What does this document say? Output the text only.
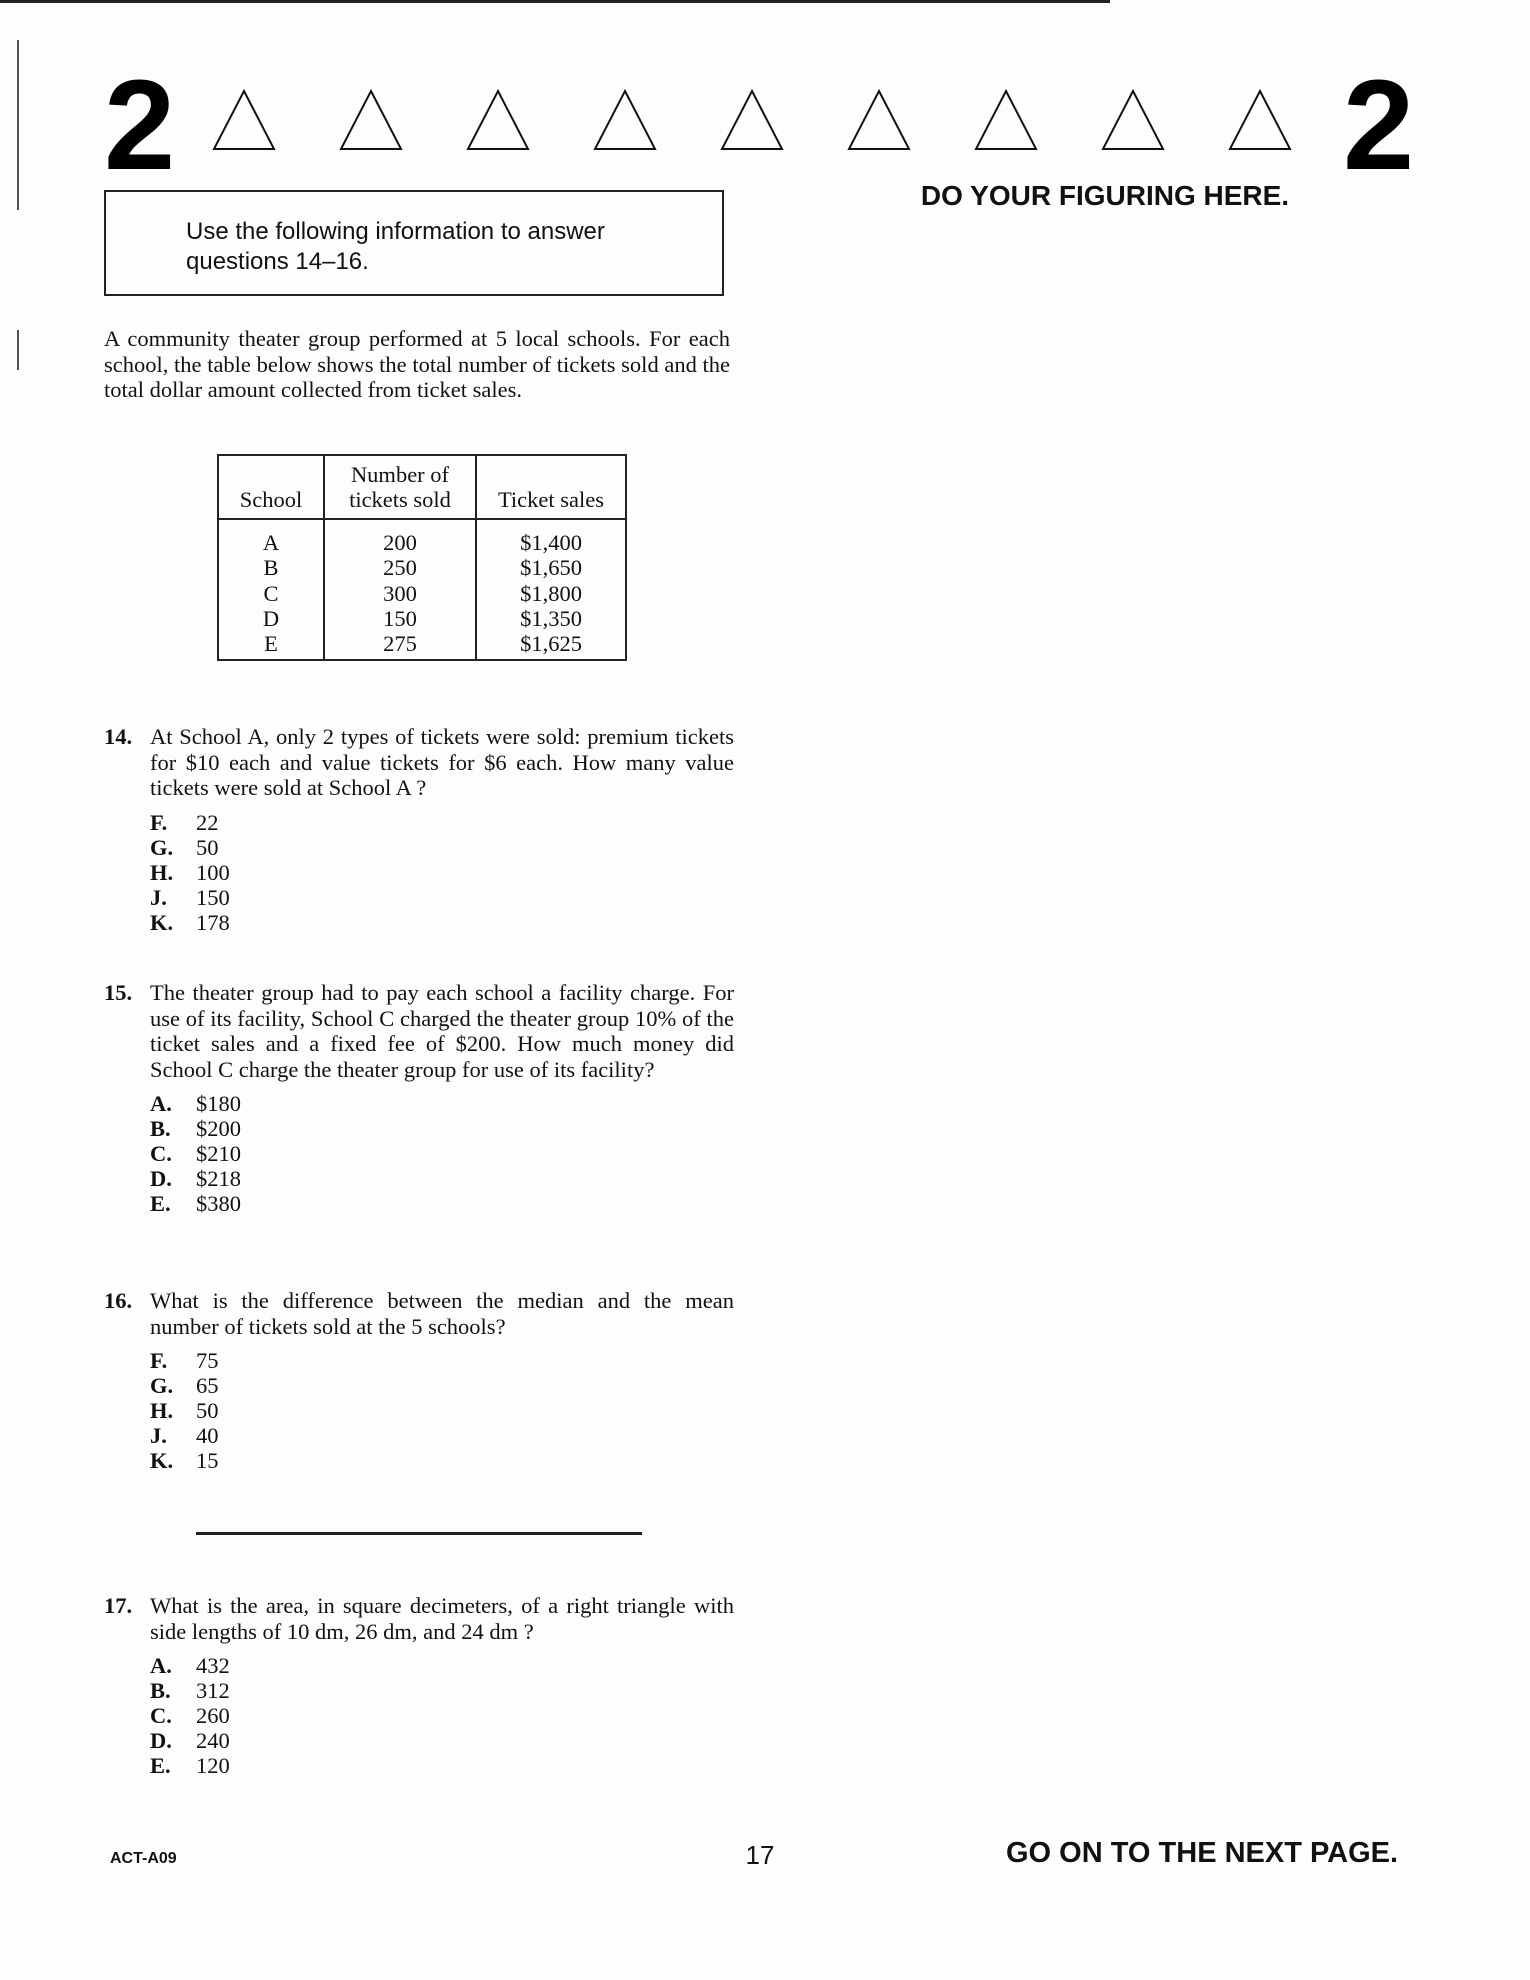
2	2
DO YOUR FIGURING HERE.
Use the following information to answer questions 14–16.
A community theater group performed at 5 local schools. For each school, the table below shows the total number of tickets sold and the total dollar amount collected from ticket sales.
School	Number of tickets sold	Ticket sales
A	200	$1,400
B	250	$1,650
C	300	$1,800
D	150	$1,350
E	275	$1,625
14. At School A, only 2 types of tickets were sold: premium tickets for $10 each and value tickets for $6 each. How many value tickets were sold at School A ?
F.	22
G.	50
H.	100
J.	150
K.	178
15. The theater group had to pay each school a facility charge. For use of its facility, School C charged the theater group 10% of the ticket sales and a fixed fee of $200. How much money did School C charge the theater group for use of its facility?
A.	$180
B.	$200
C.	$210
D.	$218
E.	$380
16. What is the difference between the median and the mean number of tickets sold at the 5 schools?
F.	75
G.	65
H.	50
J.	40
K.	15
17. What is the area, in square decimeters, of a right triangle with side lengths of 10 dm, 26 dm, and 24 dm ?
A.	432
B.	312
C.	260
D.	240
E.	120
ACT-A09	17	GO ON TO THE NEXT PAGE.
